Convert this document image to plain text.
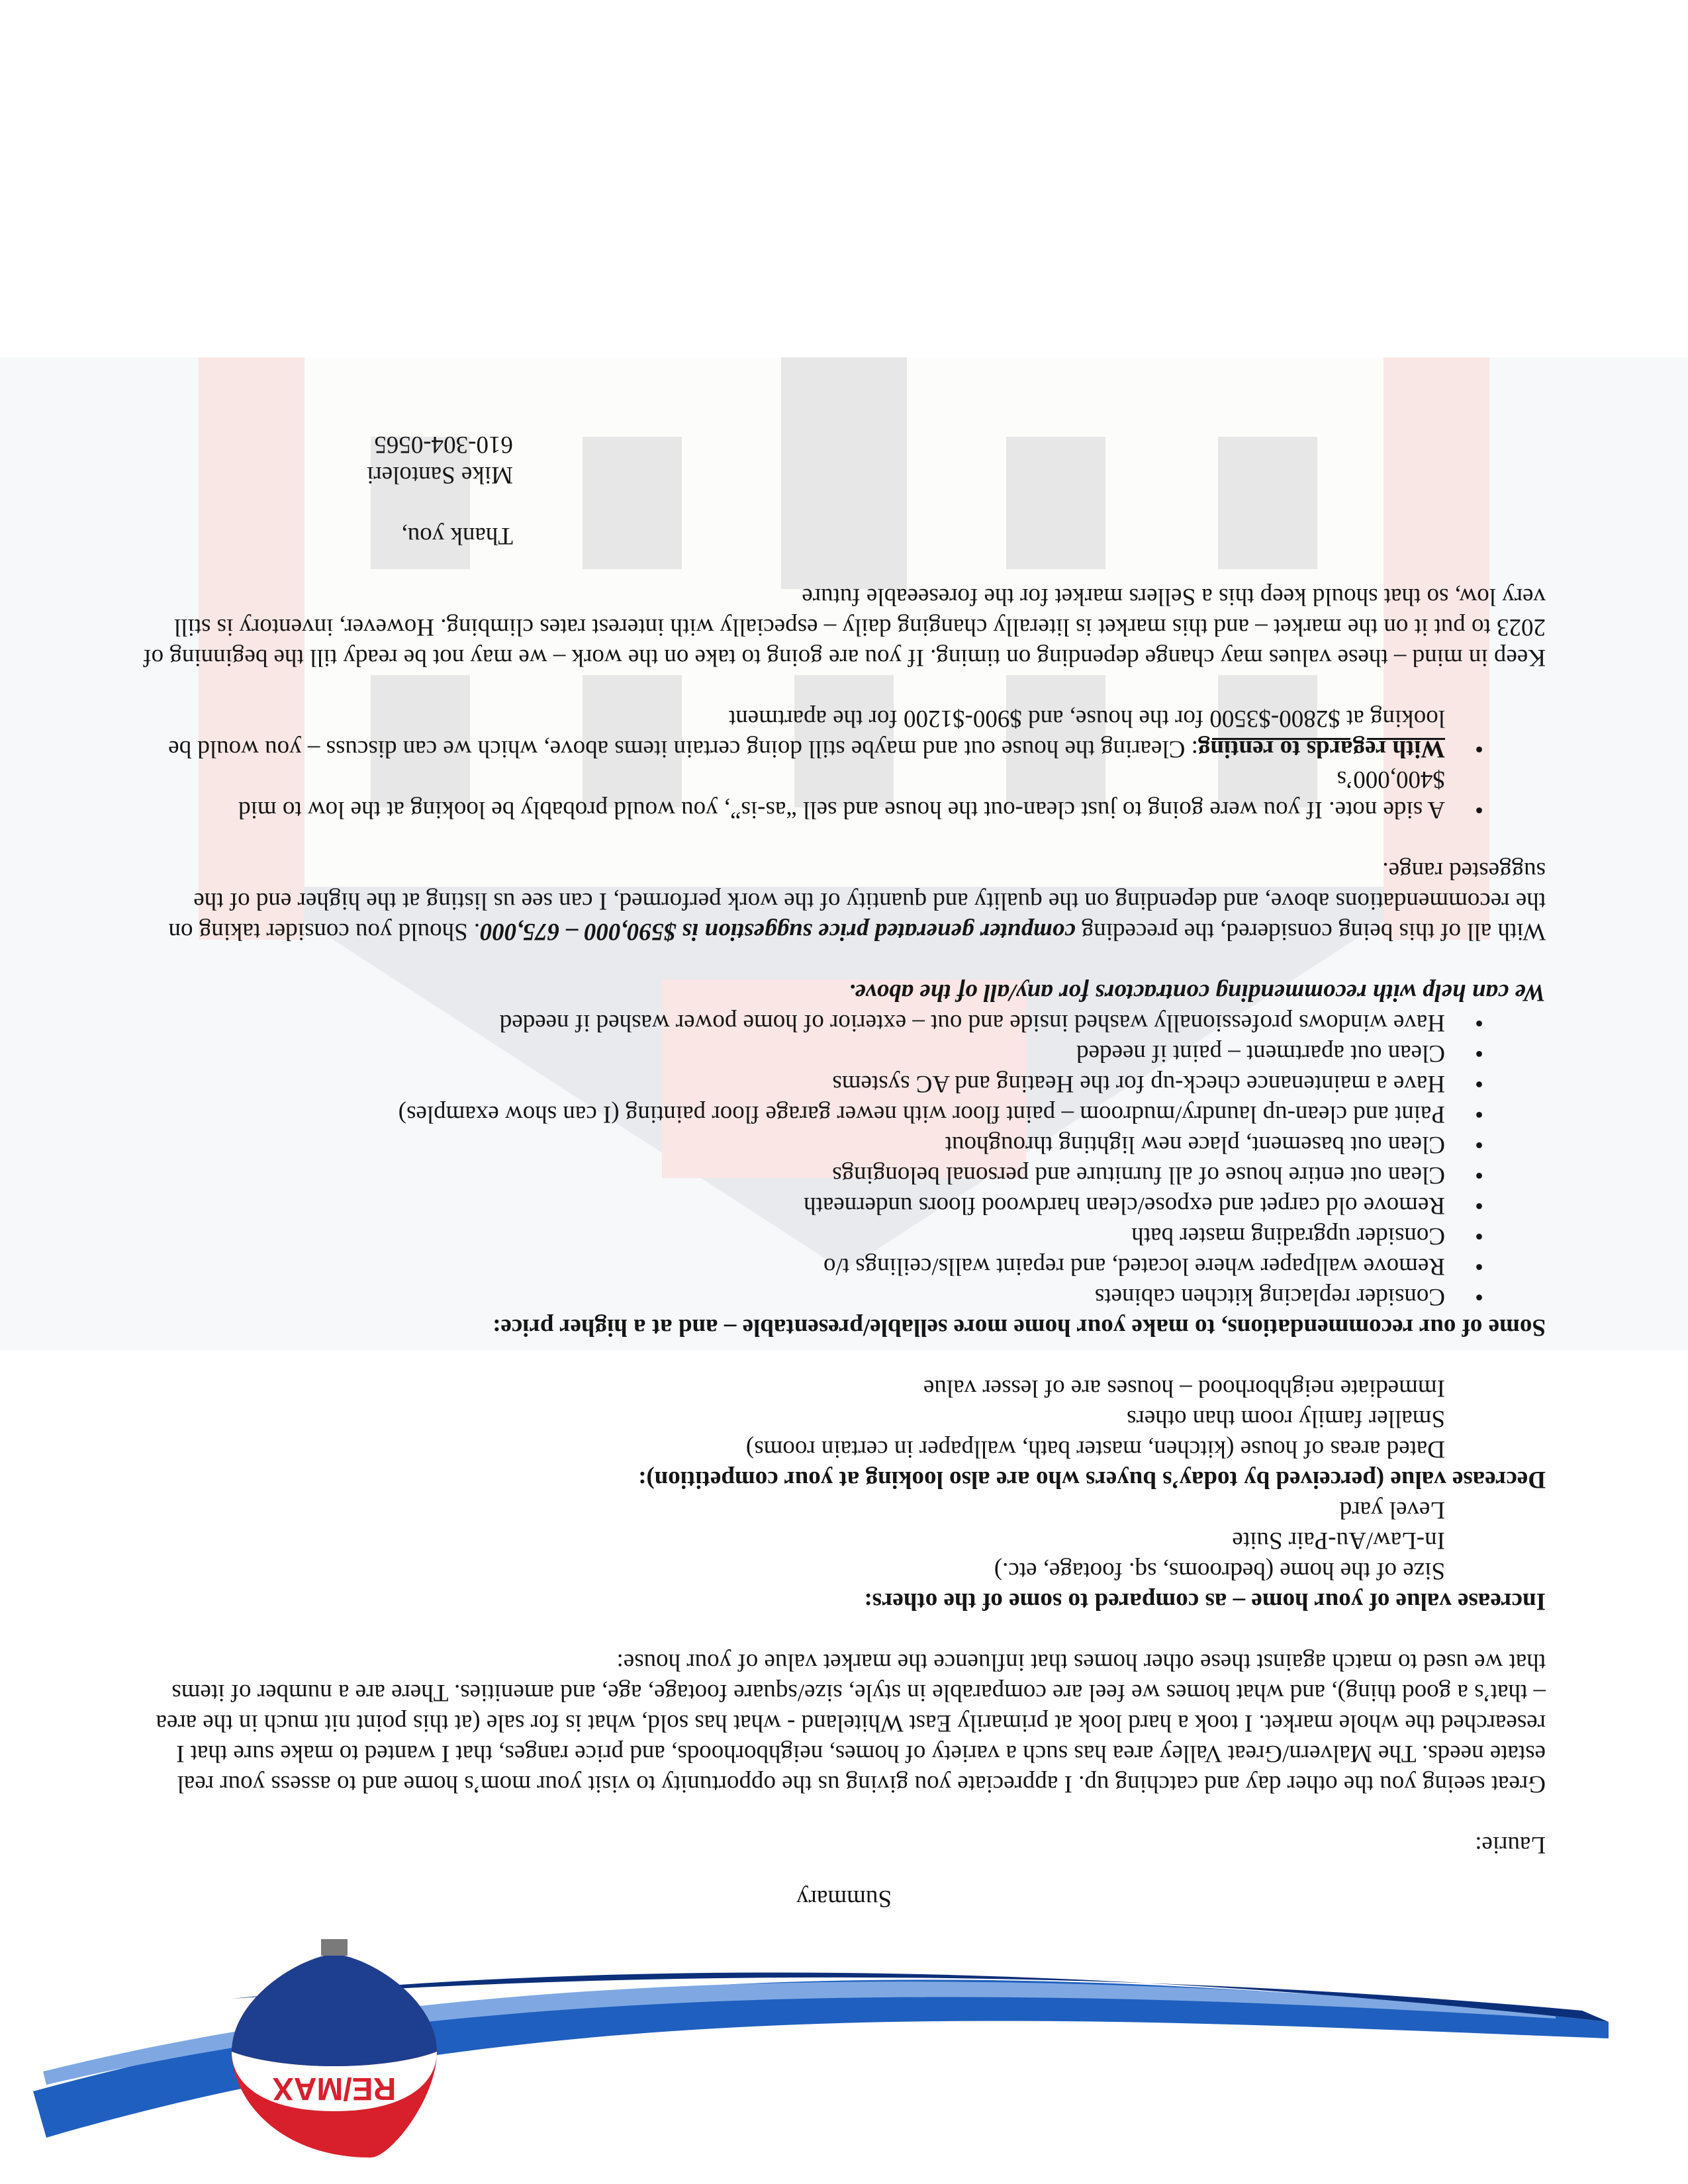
RE/MAX
Summary

Laurie:

Great seeing you the other day and catching up. I appreciate you giving us the opportunity to visit your mom’s home and to assess your real estate needs. The Malvern/Great Valley area has such a variety of homes, neighborhoods, and price ranges, that I wanted to make sure that I researched the whole market. I took a hard look at primarily East Whiteland - what has sold, what is for sale (at this point nit much in the area – that’s a good thing), and what homes we feel are comparable in style, size/square footage, age, and amenities. There are a number of items that we used to match against these other homes that influence the market value of your house:

Increase value of your home – as compared to some of the others:

Size of the home (bedrooms, sq. footage, etc.)

In-Law/Au-Pair Suite

Level yard

Decrease value (perceived by today’s buyers who are also looking at your competition):

Dated areas of house (kitchen, master bath, wallpaper in certain rooms)

Smaller family room than others

Immediate neighborhood – houses are of lesser value

Some of our recommendations, to make your home more sellable/presentable – and at a higher price:

• Consider replacing kitchen cabinets
• Remove wallpaper where located, and repaint walls/ceilings t/o
• Consider upgrading master bath
• Remove old carpet and expose/clean hardwood floors underneath
• Clean out entire house of all furniture and personal belongings
• Clean out basement, place new lighting throughout
• Paint and clean-up laundry/mudroom – paint floor with newer garage floor painting (I can show examples)
• Have a maintenance check-up for the Heating and AC systems
• Clean out apartment – paint if needed
• Have windows professionally washed inside and out – exterior of home power washed if needed

We can help with recommending contractors for any/all of the above.

With all of this being considered, the preceding computer generated price suggestion is $590,000 – 675,000. Should you consider taking on the recommendations above, and depending on the quality and quantity of the work performed, I can see us listing at the higher end of the suggested range.

• A side note. If you were going to just clean-out the house and sell “as-is”, you would probably be looking at the low to mid $400,000’s
• With regards to renting: Clearing the house out and maybe still doing certain items above, which we can discuss – you would be looking at $2800-$3500 for the house, and $900-$1200 for the apartment

Keep in mind – these values may change depending on timing. If you are going to take on the work – we may not be ready till the beginning of 2023 to put it on the market – and this market is literally changing daily – especially with interest rates climbing. However, inventory is still very low, so that should keep this a Sellers market for the foreseeable future

Thank you,

Mike Santoleri

610-304-0565
